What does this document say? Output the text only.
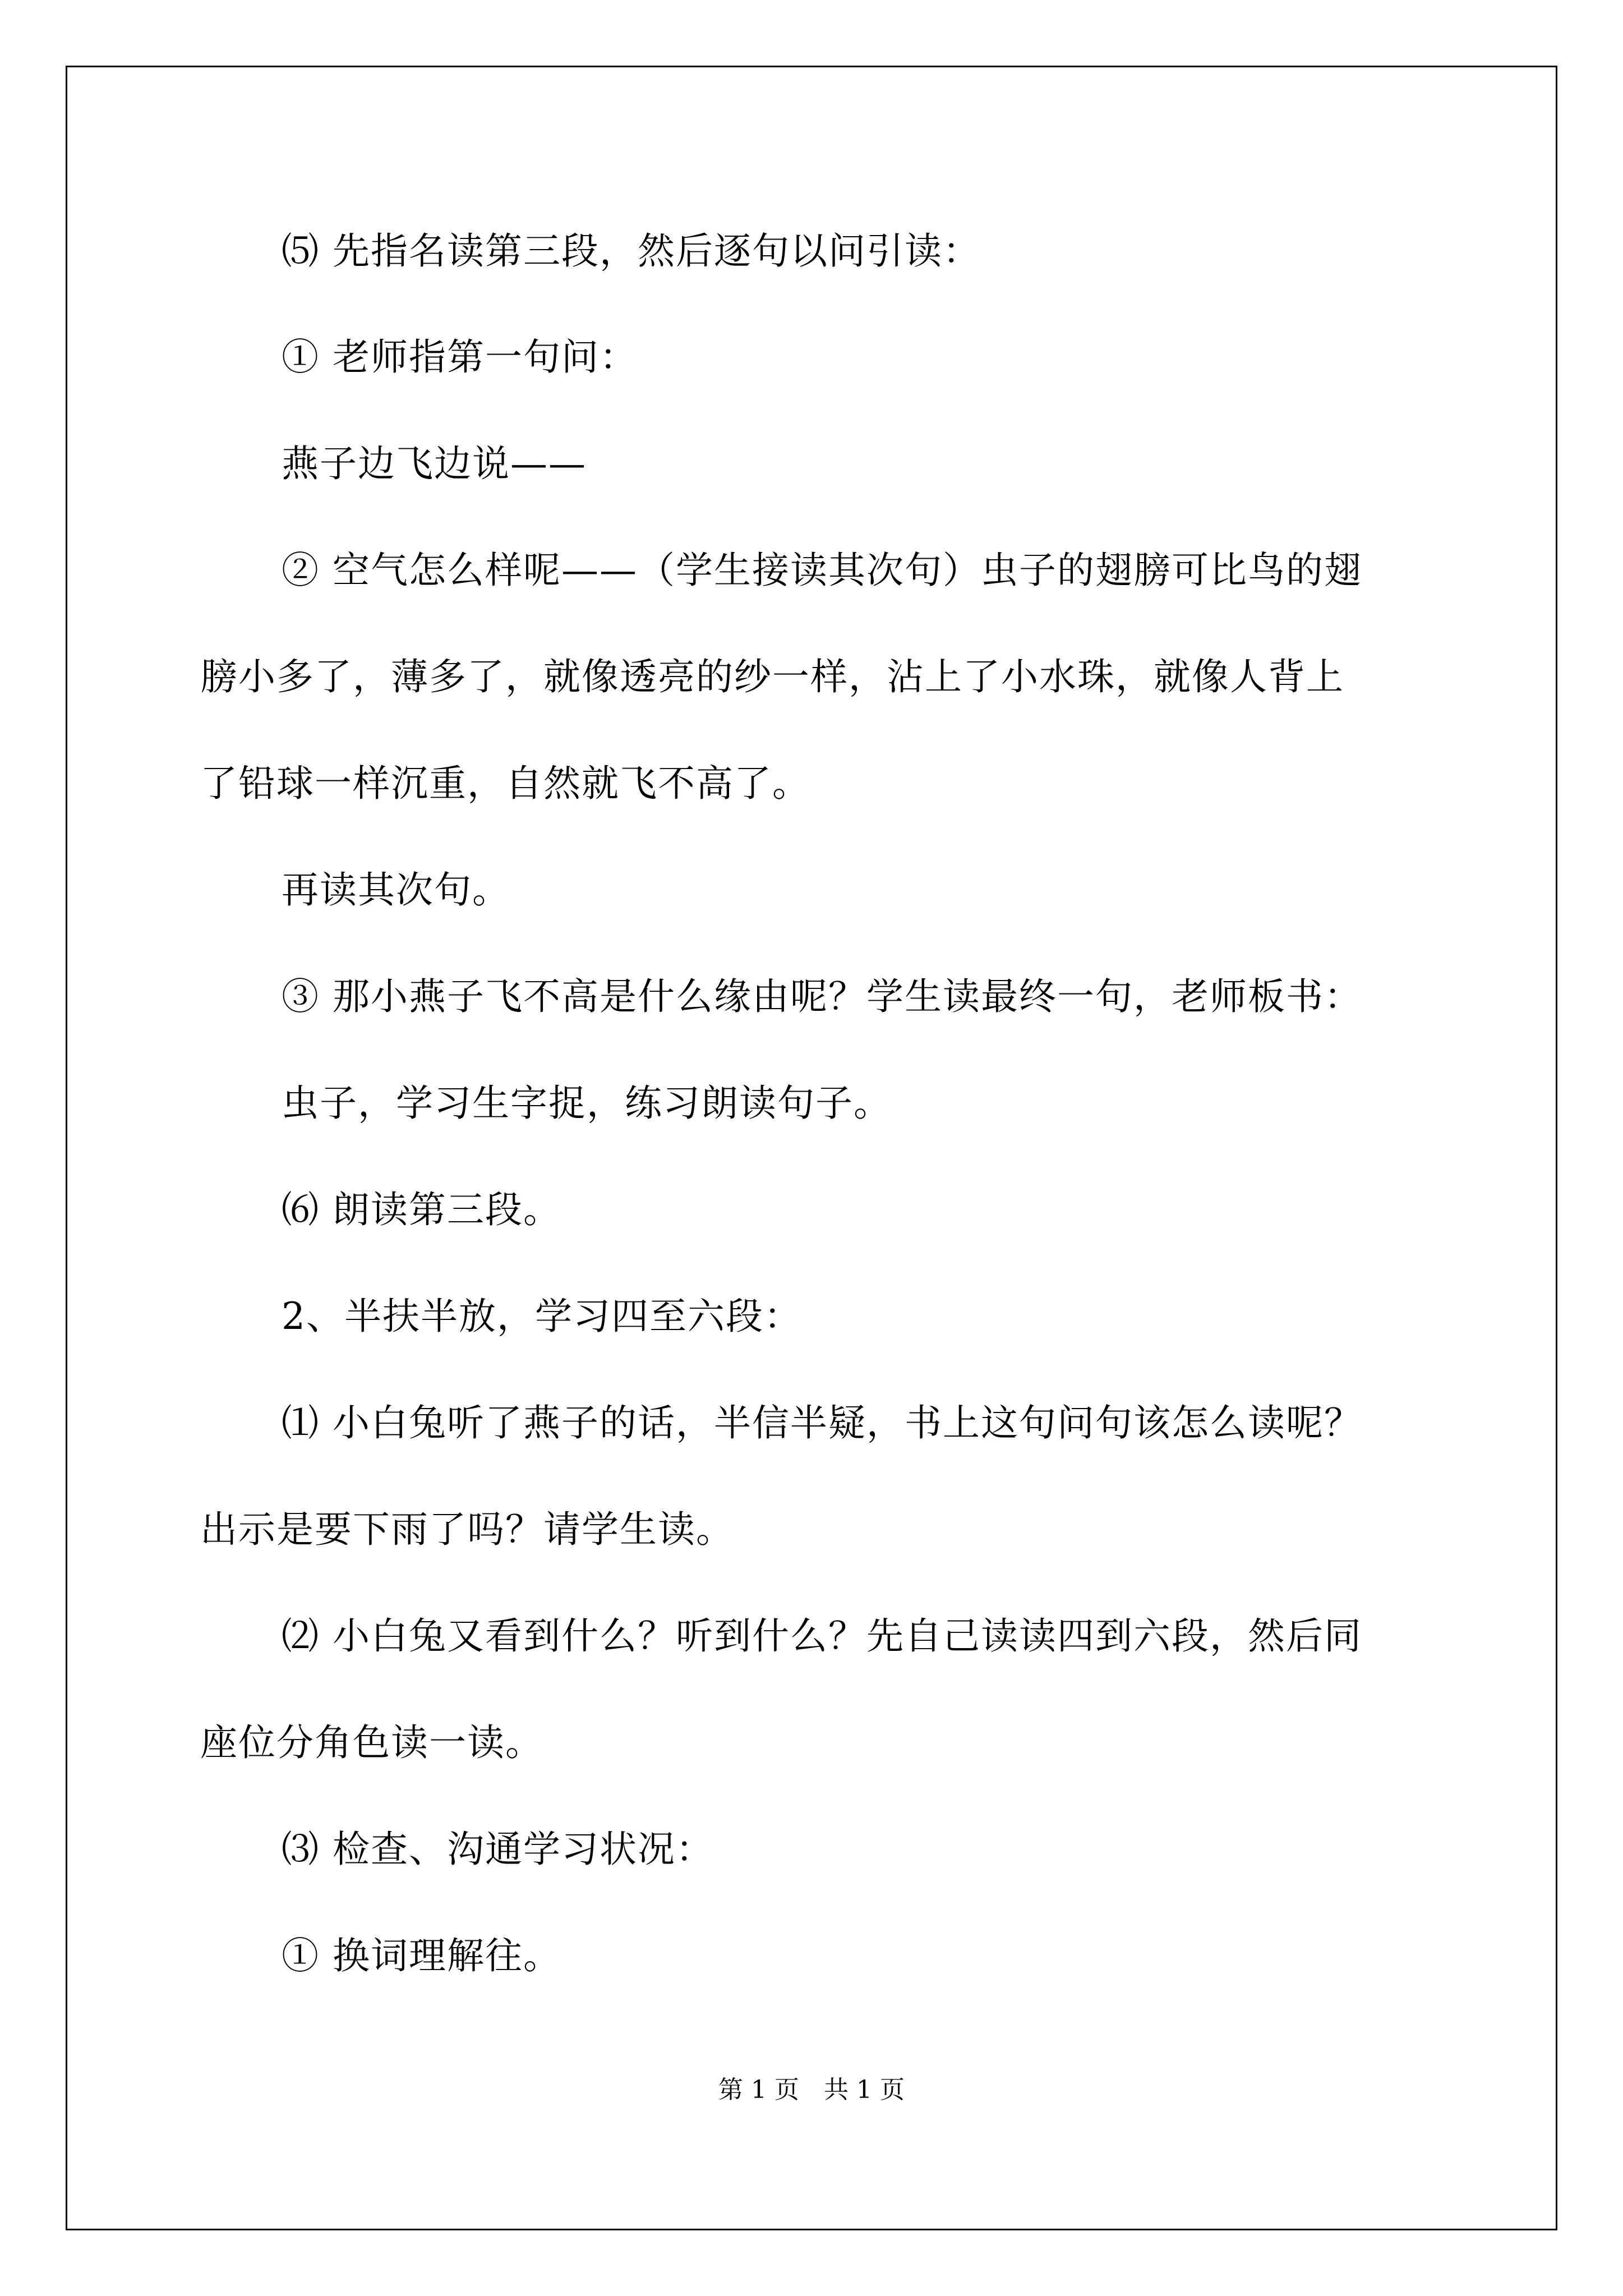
⑸ 先指名读第三段，然后逐句以问引读：
① 老师指第一句问：
燕子边飞边说——
② 空气怎么样呢——（学生接读其次句）虫子的翅膀可比鸟的翅
膀小多了，薄多了，就像透亮的纱一样，沾上了小水珠，就像人背上
了铅球一样沉重，自然就飞不高了。
再读其次句。
③ 那小燕子飞不高是什么缘由呢？学生读最终一句，老师板书：
虫子，学习生字捉，练习朗读句子。
⑹ 朗读第三段。
2、半扶半放，学习四至六段：
⑴ 小白兔听了燕子的话，半信半疑，书上这句问句该怎么读呢？
出示是要下雨了吗？请学生读。
⑵ 小白兔又看到什么？听到什么？先自己读读四到六段，然后同
座位分角色读一读。
⑶ 检查、沟通学习状况：
① 换词理解往。
第 1 页　共 1 页
